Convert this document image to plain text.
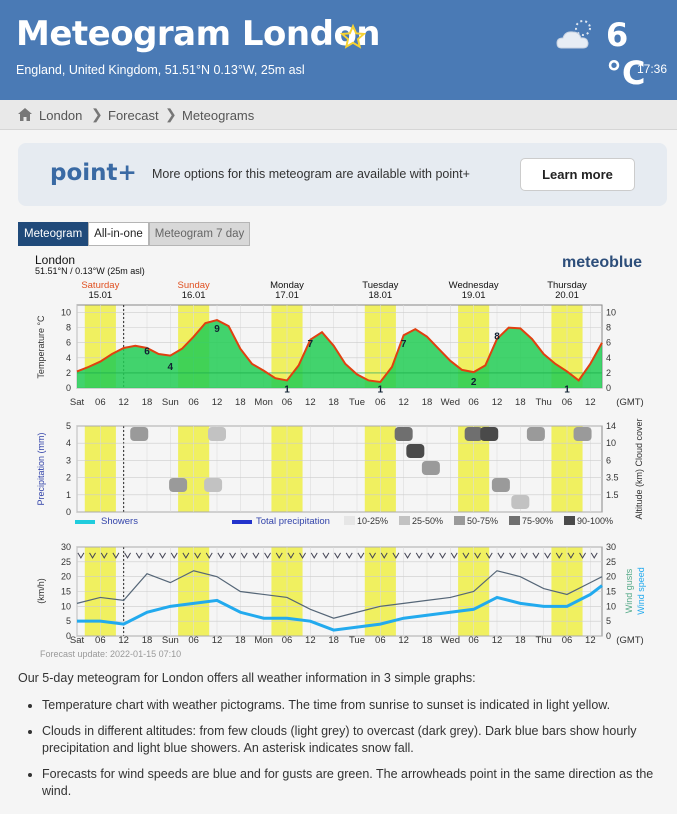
Meteogram London
England, United Kingdom, 51.51°N 0.13°W, 25m asl
6 °C
17:36
London ❯ Forecast ❯ Meteograms
point+ More options for this meteogram are available with point+	Learn more
Meteogram	All-in-one	Meteogram 7 day
London
51.51°N / 0.13°W (25m asl)	meteoblue
Saturday
15.01
Sunday
16.01
Monday
17.01
Tuesday
18.01
Wednesday
19.01
Thursday
20.01
0	0
2	2
4	4
6	6
8	8
10	10
6
4
9
1
7
1
7
2
8
1
Temperature °C
Sat 06 12 18 Sun 06 12 18 Mon 06 12 18 Tue 06 12 18 Wed 06 12 18 Thu 06 12 (GMT)
0
1
2
3
4
5
1.5
3.5
6
10
14
Precipitation (mm)	Altitude (km) Cloud cover
Showers	Total precipitation	10-25%	25-50%	50-75%	75-90%	90-100%
0	0
5	5
10	10
15	15
20	20
25	25
30	30
(km/h)	Wind gusts Wind speed
Sat 06 12 18 Sun 06 12 18 Mon 06 12 18 Tue 06 12 18 Wed 06 12 18 Thu 06 12 (GMT)
Forecast update: 2022-01-15 07:10

Our 5-day meteogram for London offers all weather information in 3 simple graphs:

• Temperature chart with weather pictograms. The time from sunrise to sunset is indicated in light yellow.
• Clouds in different altitudes: from few clouds (light grey) to overcast (dark grey). Dark blue bars show hourly precipitation and light blue showers. An asterisk indicates snow fall.
• Forecasts for wind speeds are blue and for gusts are green. The arrowheads point in the same direction as the wind.
